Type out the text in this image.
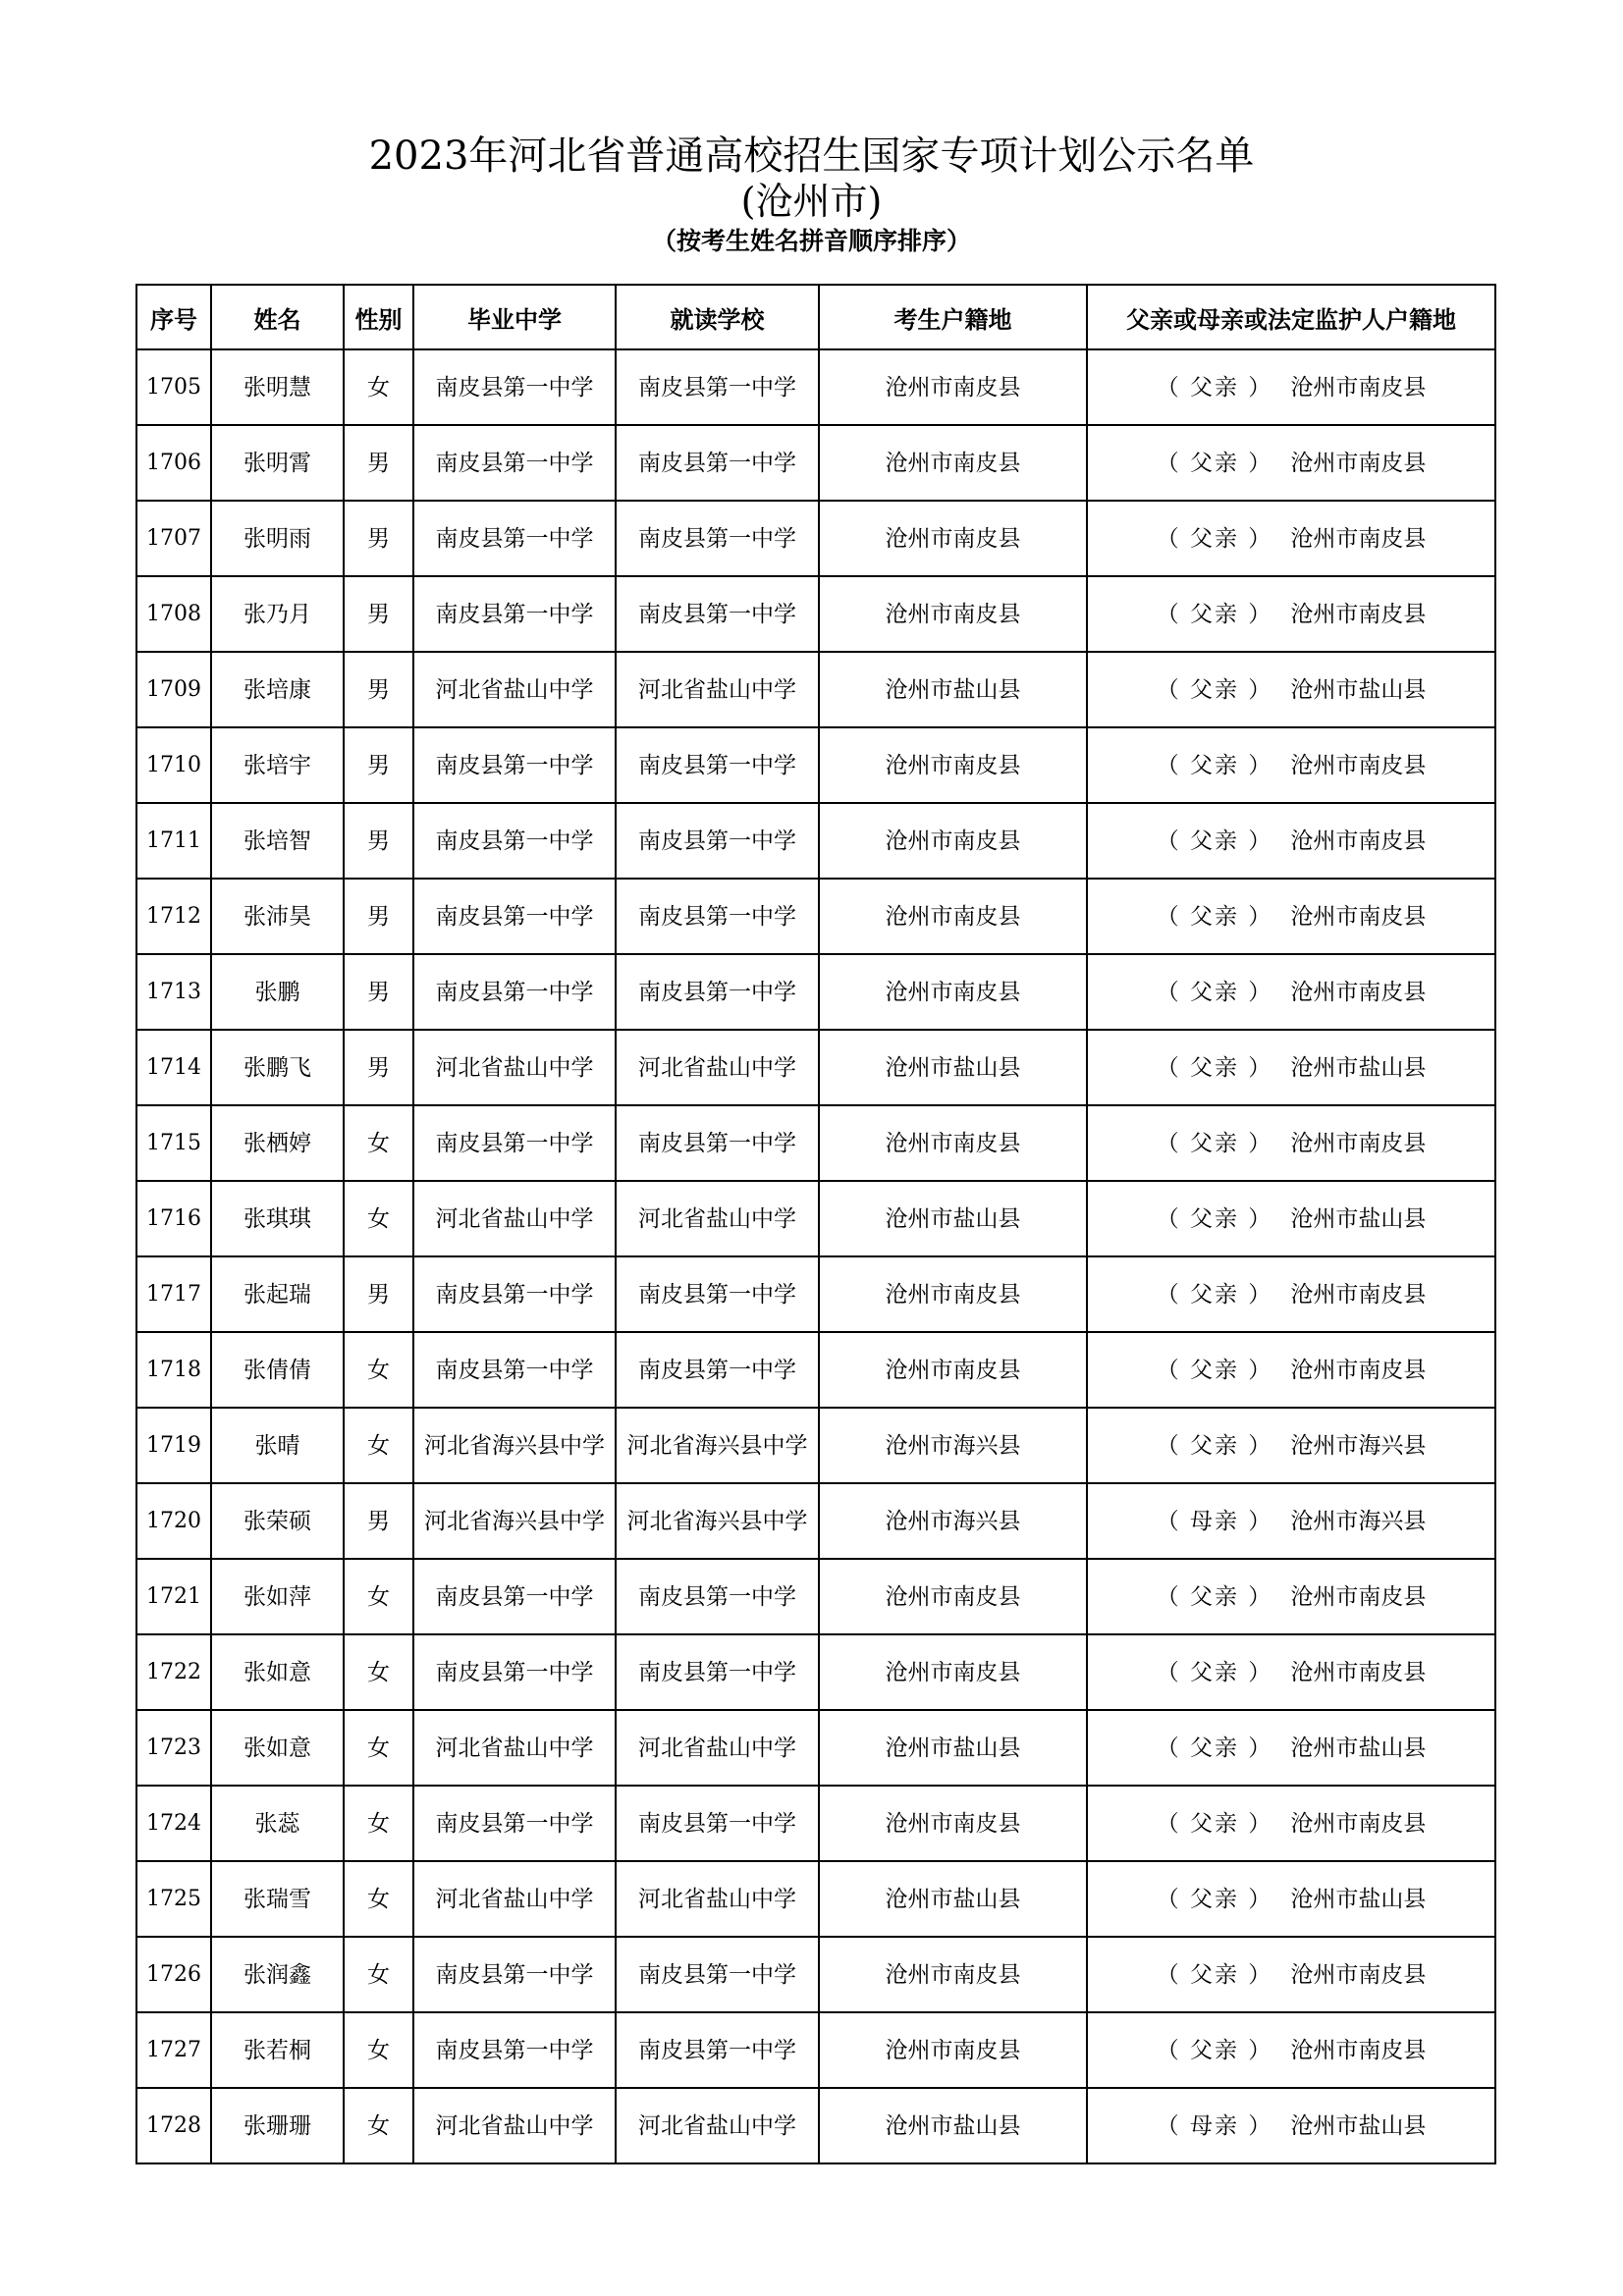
2023年河北省普通高校招生国家专项计划公示名单
(沧州市)
（按考生姓名拼音顺序排序）
序号	姓名	性别	毕业中学	就读学校	考生户籍地	父亲或母亲或法定监护人户籍地
1705	张明慧	女	南皮县第一中学	南皮县第一中学	沧州市南皮县	（ 父亲 ） 沧州市南皮县
1706	张明霄	男	南皮县第一中学	南皮县第一中学	沧州市南皮县	（ 父亲 ） 沧州市南皮县
1707	张明雨	男	南皮县第一中学	南皮县第一中学	沧州市南皮县	（ 父亲 ） 沧州市南皮县
1708	张乃月	男	南皮县第一中学	南皮县第一中学	沧州市南皮县	（ 父亲 ） 沧州市南皮县
1709	张培康	男	河北省盐山中学	河北省盐山中学	沧州市盐山县	（ 父亲 ） 沧州市盐山县
1710	张培宇	男	南皮县第一中学	南皮县第一中学	沧州市南皮县	（ 父亲 ） 沧州市南皮县
1711	张培智	男	南皮县第一中学	南皮县第一中学	沧州市南皮县	（ 父亲 ） 沧州市南皮县
1712	张沛昊	男	南皮县第一中学	南皮县第一中学	沧州市南皮县	（ 父亲 ） 沧州市南皮县
1713	张鹏	男	南皮县第一中学	南皮县第一中学	沧州市南皮县	（ 父亲 ） 沧州市南皮县
1714	张鹏飞	男	河北省盐山中学	河北省盐山中学	沧州市盐山县	（ 父亲 ） 沧州市盐山县
1715	张栖婷	女	南皮县第一中学	南皮县第一中学	沧州市南皮县	（ 父亲 ） 沧州市南皮县
1716	张琪琪	女	河北省盐山中学	河北省盐山中学	沧州市盐山县	（ 父亲 ） 沧州市盐山县
1717	张起瑞	男	南皮县第一中学	南皮县第一中学	沧州市南皮县	（ 父亲 ） 沧州市南皮县
1718	张倩倩	女	南皮县第一中学	南皮县第一中学	沧州市南皮县	（ 父亲 ） 沧州市南皮县
1719	张晴	女	河北省海兴县中学	河北省海兴县中学	沧州市海兴县	（ 父亲 ） 沧州市海兴县
1720	张荣硕	男	河北省海兴县中学	河北省海兴县中学	沧州市海兴县	（ 母亲 ） 沧州市海兴县
1721	张如萍	女	南皮县第一中学	南皮县第一中学	沧州市南皮县	（ 父亲 ） 沧州市南皮县
1722	张如意	女	南皮县第一中学	南皮县第一中学	沧州市南皮县	（ 父亲 ） 沧州市南皮县
1723	张如意	女	河北省盐山中学	河北省盐山中学	沧州市盐山县	（ 父亲 ） 沧州市盐山县
1724	张蕊	女	南皮县第一中学	南皮县第一中学	沧州市南皮县	（ 父亲 ） 沧州市南皮县
1725	张瑞雪	女	河北省盐山中学	河北省盐山中学	沧州市盐山县	（ 父亲 ） 沧州市盐山县
1726	张润鑫	女	南皮县第一中学	南皮县第一中学	沧州市南皮县	（ 父亲 ） 沧州市南皮县
1727	张若桐	女	南皮县第一中学	南皮县第一中学	沧州市南皮县	（ 父亲 ） 沧州市南皮县
1728	张珊珊	女	河北省盐山中学	河北省盐山中学	沧州市盐山县	（ 母亲 ） 沧州市盐山县
